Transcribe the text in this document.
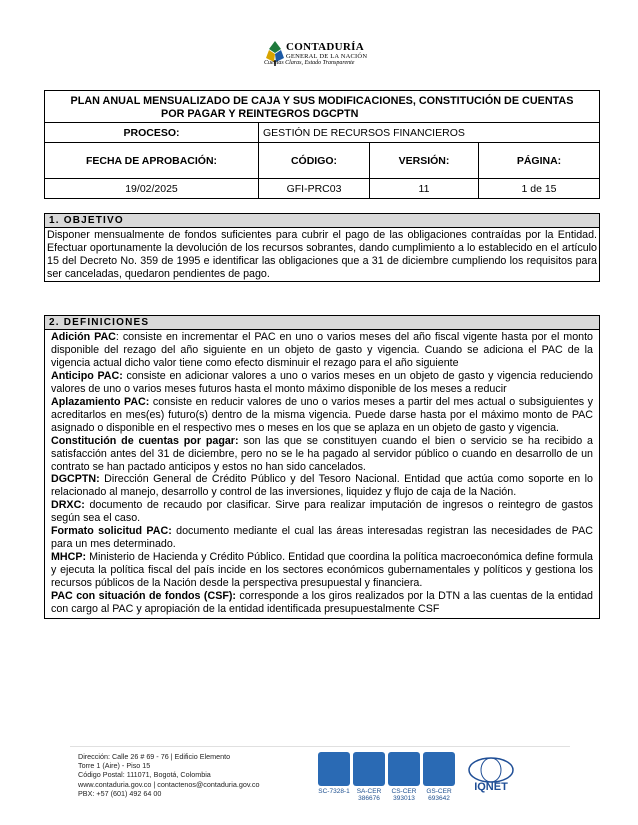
CONTADURÍA
GENERAL DE LA NACIÓN
Cuentas Claras, Estado Transparente
PLAN ANUAL MENSUALIZADO DE CAJA Y SUS MODIFICACIONES, CONSTITUCIÓN DE CUENTAS
POR PAGAR Y REINTEGROS DGCPTN			

PROCESO:	GESTIÓN DE RECURSOS FINANCIEROS		
FECHA DE APROBACIÓN:	CÓDIGO:	VERSIÓN:	PÁGINA:
19/02/2025	GFI-PRC03	11	1 de 15
1. OBJETIVO
Disponer mensualmente de fondos suficientes para cubrir el pago de las obligaciones contraídas por la Entidad. Efectuar oportunamente la devolución de los recursos sobrantes, dando cumplimiento a lo establecido en el artículo 15 del Decreto No. 359 de 1995 e identificar las obligaciones que a 31 de diciembre cumpliendo los requisitos para ser canceladas, quedaron pendientes de pago.
2. DEFINICIONES
Adición PAC: consiste en incrementar el PAC en uno o varios meses del año fiscal vigente hasta por el monto disponible del rezago del año siguiente en un objeto de gasto y vigencia. Cuando se adiciona el PAC de la vigencia actual dicho valor tiene como efecto disminuir el rezago para el año siguiente
Anticipo PAC: consiste en adicionar valores a uno o varios meses en un objeto de gasto y vigencia reduciendo valores de uno o varios meses futuros hasta el monto máximo disponible de los meses a reducir
Aplazamiento PAC: consiste en reducir valores de uno o varios meses a partir del mes actual o subsiguientes y acreditarlos en mes(es) futuro(s) dentro de la misma vigencia. Puede darse hasta por el máximo monto de PAC asignado o disponible en el respectivo mes o meses en los que se aplaza en un objeto de gasto y vigencia.
Constitución de cuentas por pagar: son las que se constituyen cuando el bien o servicio se ha recibido a satisfacción antes del 31 de diciembre, pero no se le ha pagado al servidor público o cuando en desarrollo de un contrato se han pactado anticipos y estos no han sido cancelados.
DGCPTN: Dirección General de Crédito Público y del Tesoro Nacional. Entidad que actúa como soporte en lo relacionado al manejo, desarrollo y control de las inversiones, liquidez y flujo de caja de la Nación.
DRXC: documento de recaudo por clasificar. Sirve para realizar imputación de ingresos o reintegro de gastos según sea el caso.
Formato solicitud PAC: documento mediante el cual las áreas interesadas registran las necesidades de PAC para un mes determinado.
MHCP: Ministerio de Hacienda y Crédito Público. Entidad que coordina la política macroeconómica define formula y ejecuta la política fiscal del país incide en los sectores económicos gubernamentales y políticos y gestiona los recursos públicos de la Nación desde la perspectiva presupuestal y financiera.
PAC con situación de fondos (CSF): corresponde a los giros realizados por la DTN a las cuentas de la entidad con cargo al PAC y apropiación de la entidad identificada presupuestalmente CSF
Dirección: Calle 26 # 69 - 76 | Edificio Elemento
Torre 1 (Aire) - Piso 15
Código Postal: 111071, Bogotá, Colombia
www.contaduria.gov.co | contactenos@contaduria.gov.co
PBX: +57 (601) 492 64 00	SC-7328-1	SA-CER 386676
CS-CER 393013
GS-CER 693642
IQNET
